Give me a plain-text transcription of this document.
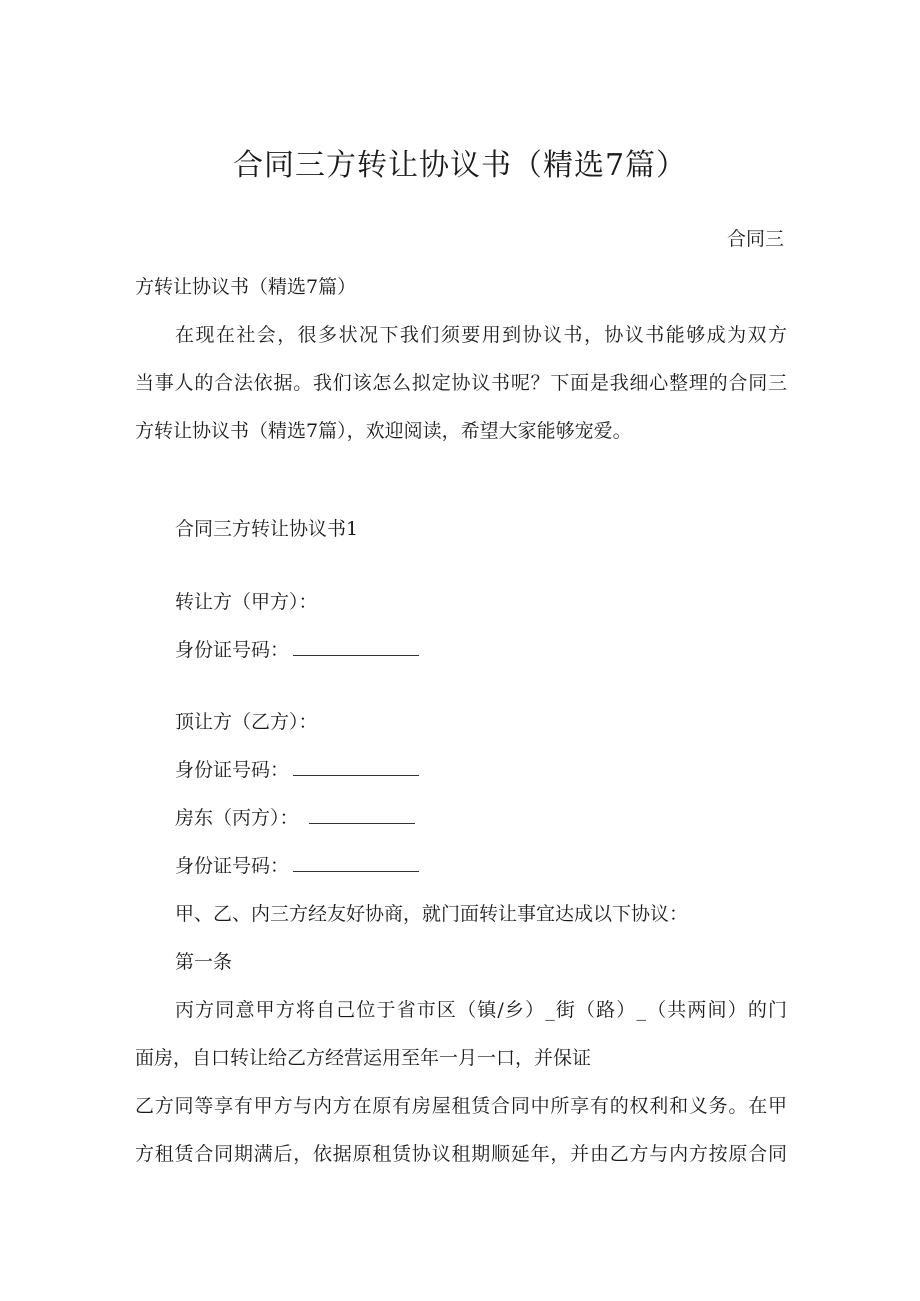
合同三方转让协议书（精选7篇）
合同三
方转让协议书（精选7篇）
在现在社会，很多状况下我们须要用到协议书，协议书能够成为双方
当事人的合法依据。我们该怎么拟定协议书呢？下面是我细心整理的合同三
方转让协议书（精选7篇），欢迎阅读，希望大家能够宠爱。
合同三方转让协议书1
转让方（甲方）：
身份证号码：
顶让方（乙方）：
身份证号码：
房东（丙方）：
身份证号码：
甲、乙、内三方经友好协商，就门面转让事宜达成以下协议：
第一条
丙方同意甲方将自己位于省市区（镇/乡）_街（路）_（共两间）的门
面房，自口转让给乙方经营运用至年一月一口，并保证
乙方同等享有甲方与内方在原有房屋租赁合同中所享有的权利和义务。在甲
方租赁合同期满后，依据原租赁协议租期顺延年，并由乙方与内方按原合同
